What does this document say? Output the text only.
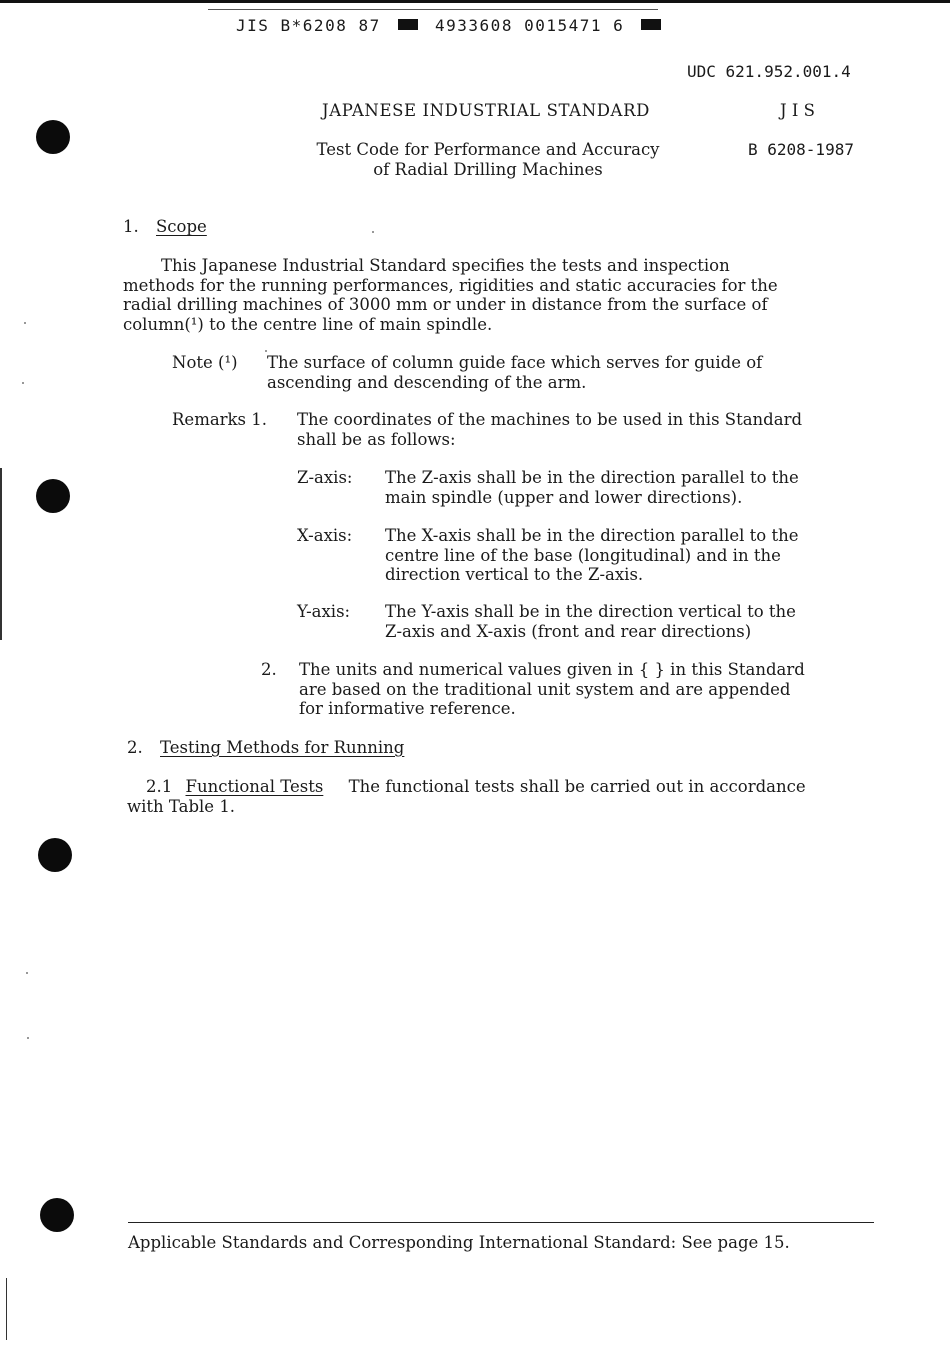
JIS B*6208 87	4933608 0015471 6
UDC 621.952.001.4
JAPANESE INDUSTRIAL STANDARD	J I S
Test Code for Performance and Accuracy
of Radial Drilling Machines
B 6208-1987
1. Scope
This Japanese Industrial Standard specifies the tests and inspection
methods for the running performances, rigidities and static accuracies for the
radial drilling machines of 3000 mm or under in distance from the surface of
column(¹) to the centre line of main spindle.
Note (¹) The surface of column guide face which serves for guide of
ascending and descending of the arm.
Remarks 1. The coordinates of the machines to be used in this Standard
shall be as follows:
Z-axis: The Z-axis shall be in the direction parallel to the
main spindle (upper and lower directions).
X-axis: The X-axis shall be in the direction parallel to the
centre line of the base (longitudinal) and in the
direction vertical to the Z-axis.
Y-axis: The Y-axis shall be in the direction vertical to the
Z-axis and X-axis (front and rear directions)
2. The units and numerical values given in { } in this Standard
are based on the traditional unit system and are appended
for informative reference.
2. Testing Methods for Running
2.1 Functional Tests The functional tests shall be carried out in accordance
with Table 1.
Applicable Standards and Corresponding International Standard: See page 15.
